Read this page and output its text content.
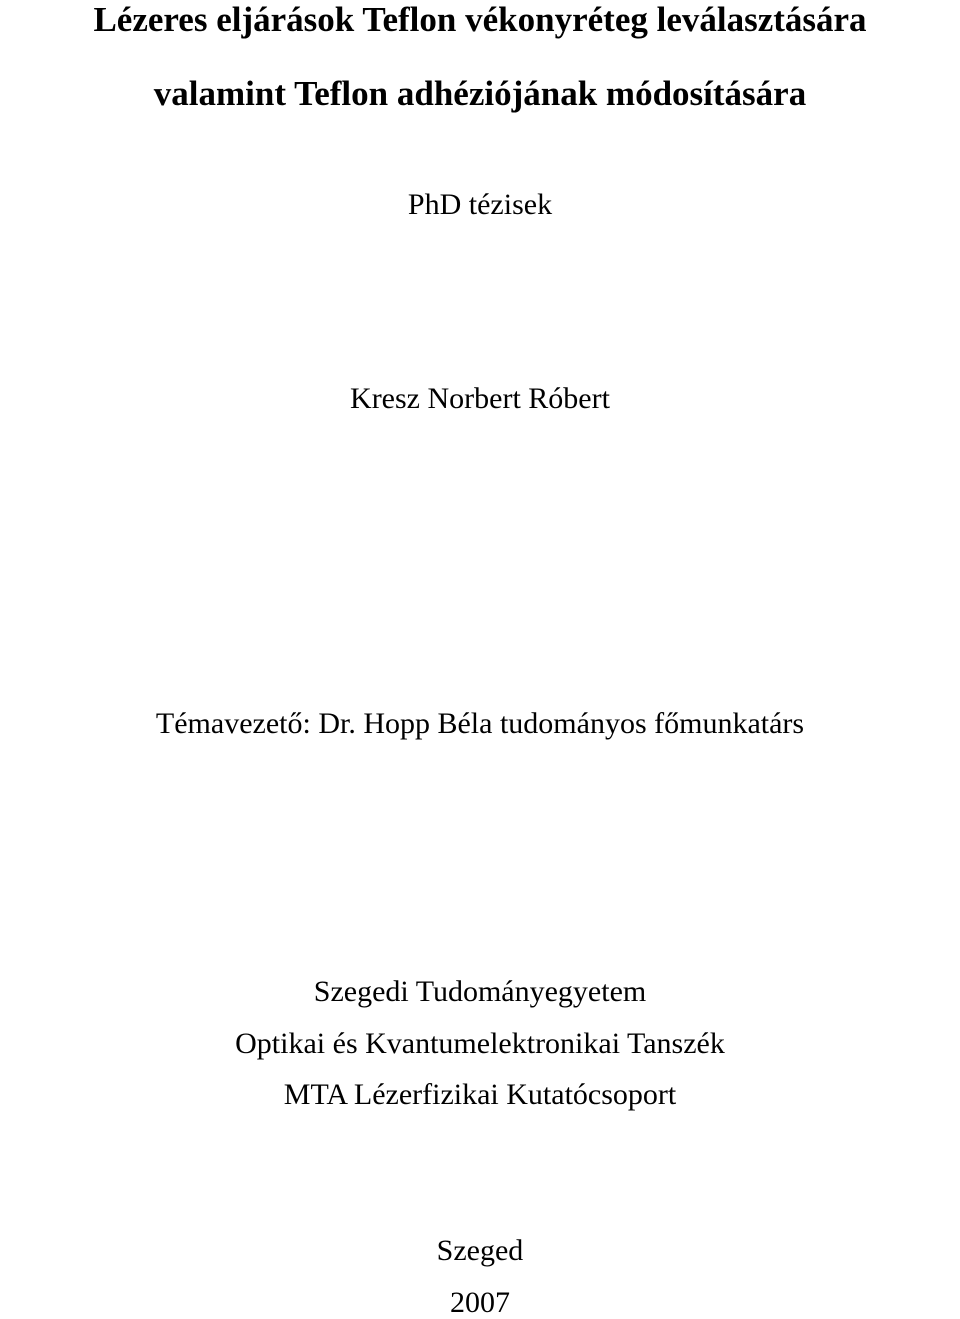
Lézeres eljárások Teflon vékonyréteg leválasztására
valamint Teflon adhéziójának módosítására
PhD tézisek
Kresz Norbert Róbert
Témavezető: Dr. Hopp Béla tudományos főmunkatárs
Szegedi Tudományegyetem
Optikai és Kvantumelektronikai Tanszék
MTA Lézerfizikai Kutatócsoport
Szeged
2007
